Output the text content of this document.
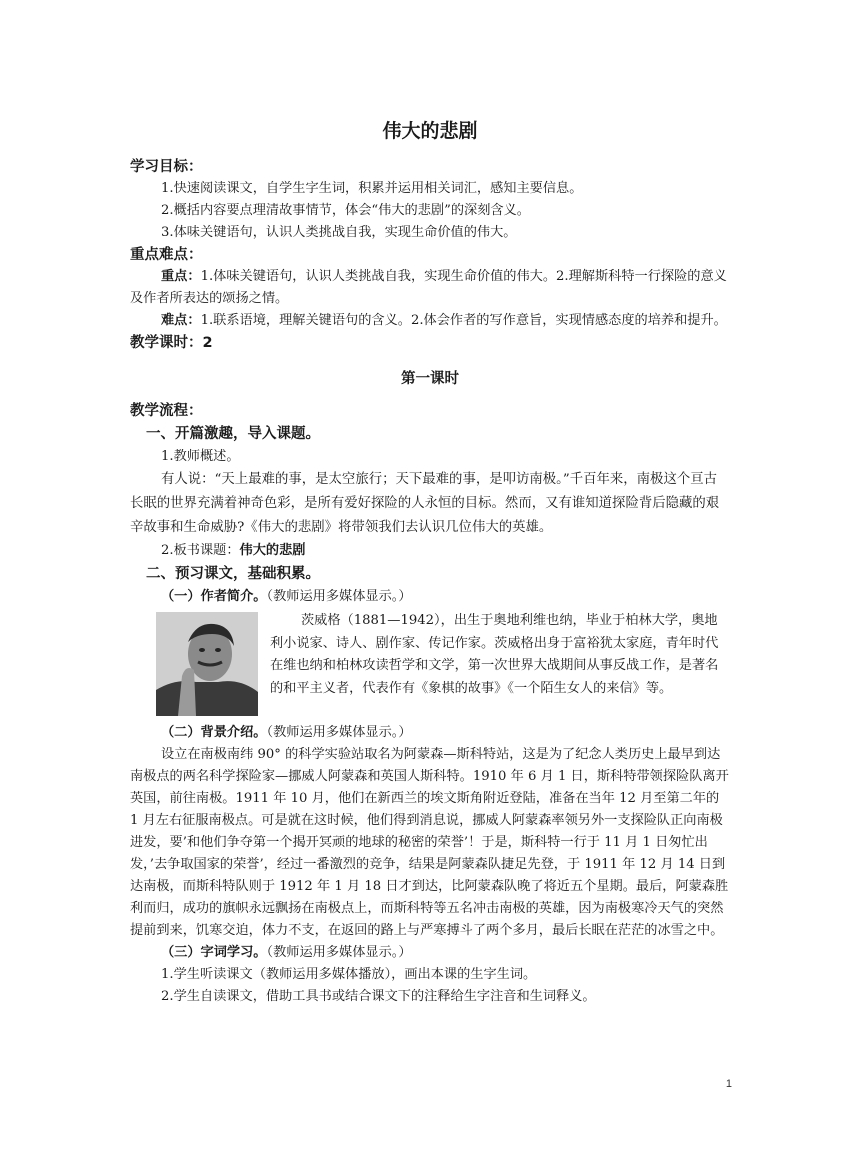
伟大的悲剧

学习目标：

1.快速阅读课文，自学生字生词，积累并运用相关词汇，感知主要信息。

2.概括内容要点理清故事情节，体会“伟大的悲剧”的深刻含义。

3.体味关键语句，认识人类挑战自我，实现生命价值的伟大。

重点难点：

重点：1.体味关键语句，认识人类挑战自我，实现生命价值的伟大。2.理解斯科特一行探险的意义及作者所表达的颂扬之情。

难点：1.联系语境，理解关键语句的含义。2.体会作者的写作意旨，实现情感态度的培养和提升。

教学课时：2

第一课时

教学流程：

一、开篇激趣，导入课题。

1.教师概述。

有人说：“天上最难的事，是太空旅行；天下最难的事，是叩访南极。”千百年来，南极这个亘古长眠的世界充满着神奇色彩，是所有爱好探险的人永恒的目标。然而，又有谁知道探险背后隐藏的艰辛故事和生命威胁?《伟大的悲剧》将带领我们去认识几位伟大的英雄。

2.板书课题：伟大的悲剧

二、预习课文，基础积累。

（一）作者简介。（教师运用多媒体显示。）

茨威格（1881—1942），出生于奥地利维也纳，毕业于柏林大学，奥地利小说家、诗人、剧作家、传记作家。茨威格出身于富裕犹太家庭，青年时代在维也纳和柏林攻读哲学和文学，第一次世界大战期间从事反战工作，是著名的和平主义者，代表作有《象棋的故事》《一个陌生女人的来信》等。

（二）背景介绍。（教师运用多媒体显示。）

设立在南极南纬 90° 的科学实验站取名为阿蒙森—斯科特站，这是为了纪念人类历史上最早到达南极点的两名科学探险家—挪威人阿蒙森和英国人斯科特。1910 年 6 月 1 日，斯科特带领探险队离开英国，前往南极。1911 年 10 月，他们在新西兰的埃文斯角附近登陆，准备在当年 12 月至第二年的 1 月左右征服南极点。可是就在这时候，他们得到消息说，挪威人阿蒙森率领另外一支探险队正向南极进发，要’和他们争夺第一个揭开冥顽的地球的秘密的荣誉’！于是，斯科特一行于 11 月 1 日匆忙出发，’去争取国家的荣誉’，经过一番激烈的竞争，结果是阿蒙森队捷足先登，于 1911 年 12 月 14 日到达南极，而斯科特队则于 1912 年 1 月 18 日才到达，比阿蒙森队晚了将近五个星期。最后，阿蒙森胜利而归，成功的旗帜永远飘扬在南极点上，而斯科特等五名冲击南极的英雄，因为南极寒冷天气的突然提前到来，饥寒交迫，体力不支，在返回的路上与严寒搏斗了两个多月，最后长眠在茫茫的冰雪之中。

（三）字词学习。（教师运用多媒体显示。）

1.学生听读课文（教师运用多媒体播放），画出本课的生字生词。

2.学生自读课文，借助工具书或结合课文下的注释给生字注音和生词释义。

1
